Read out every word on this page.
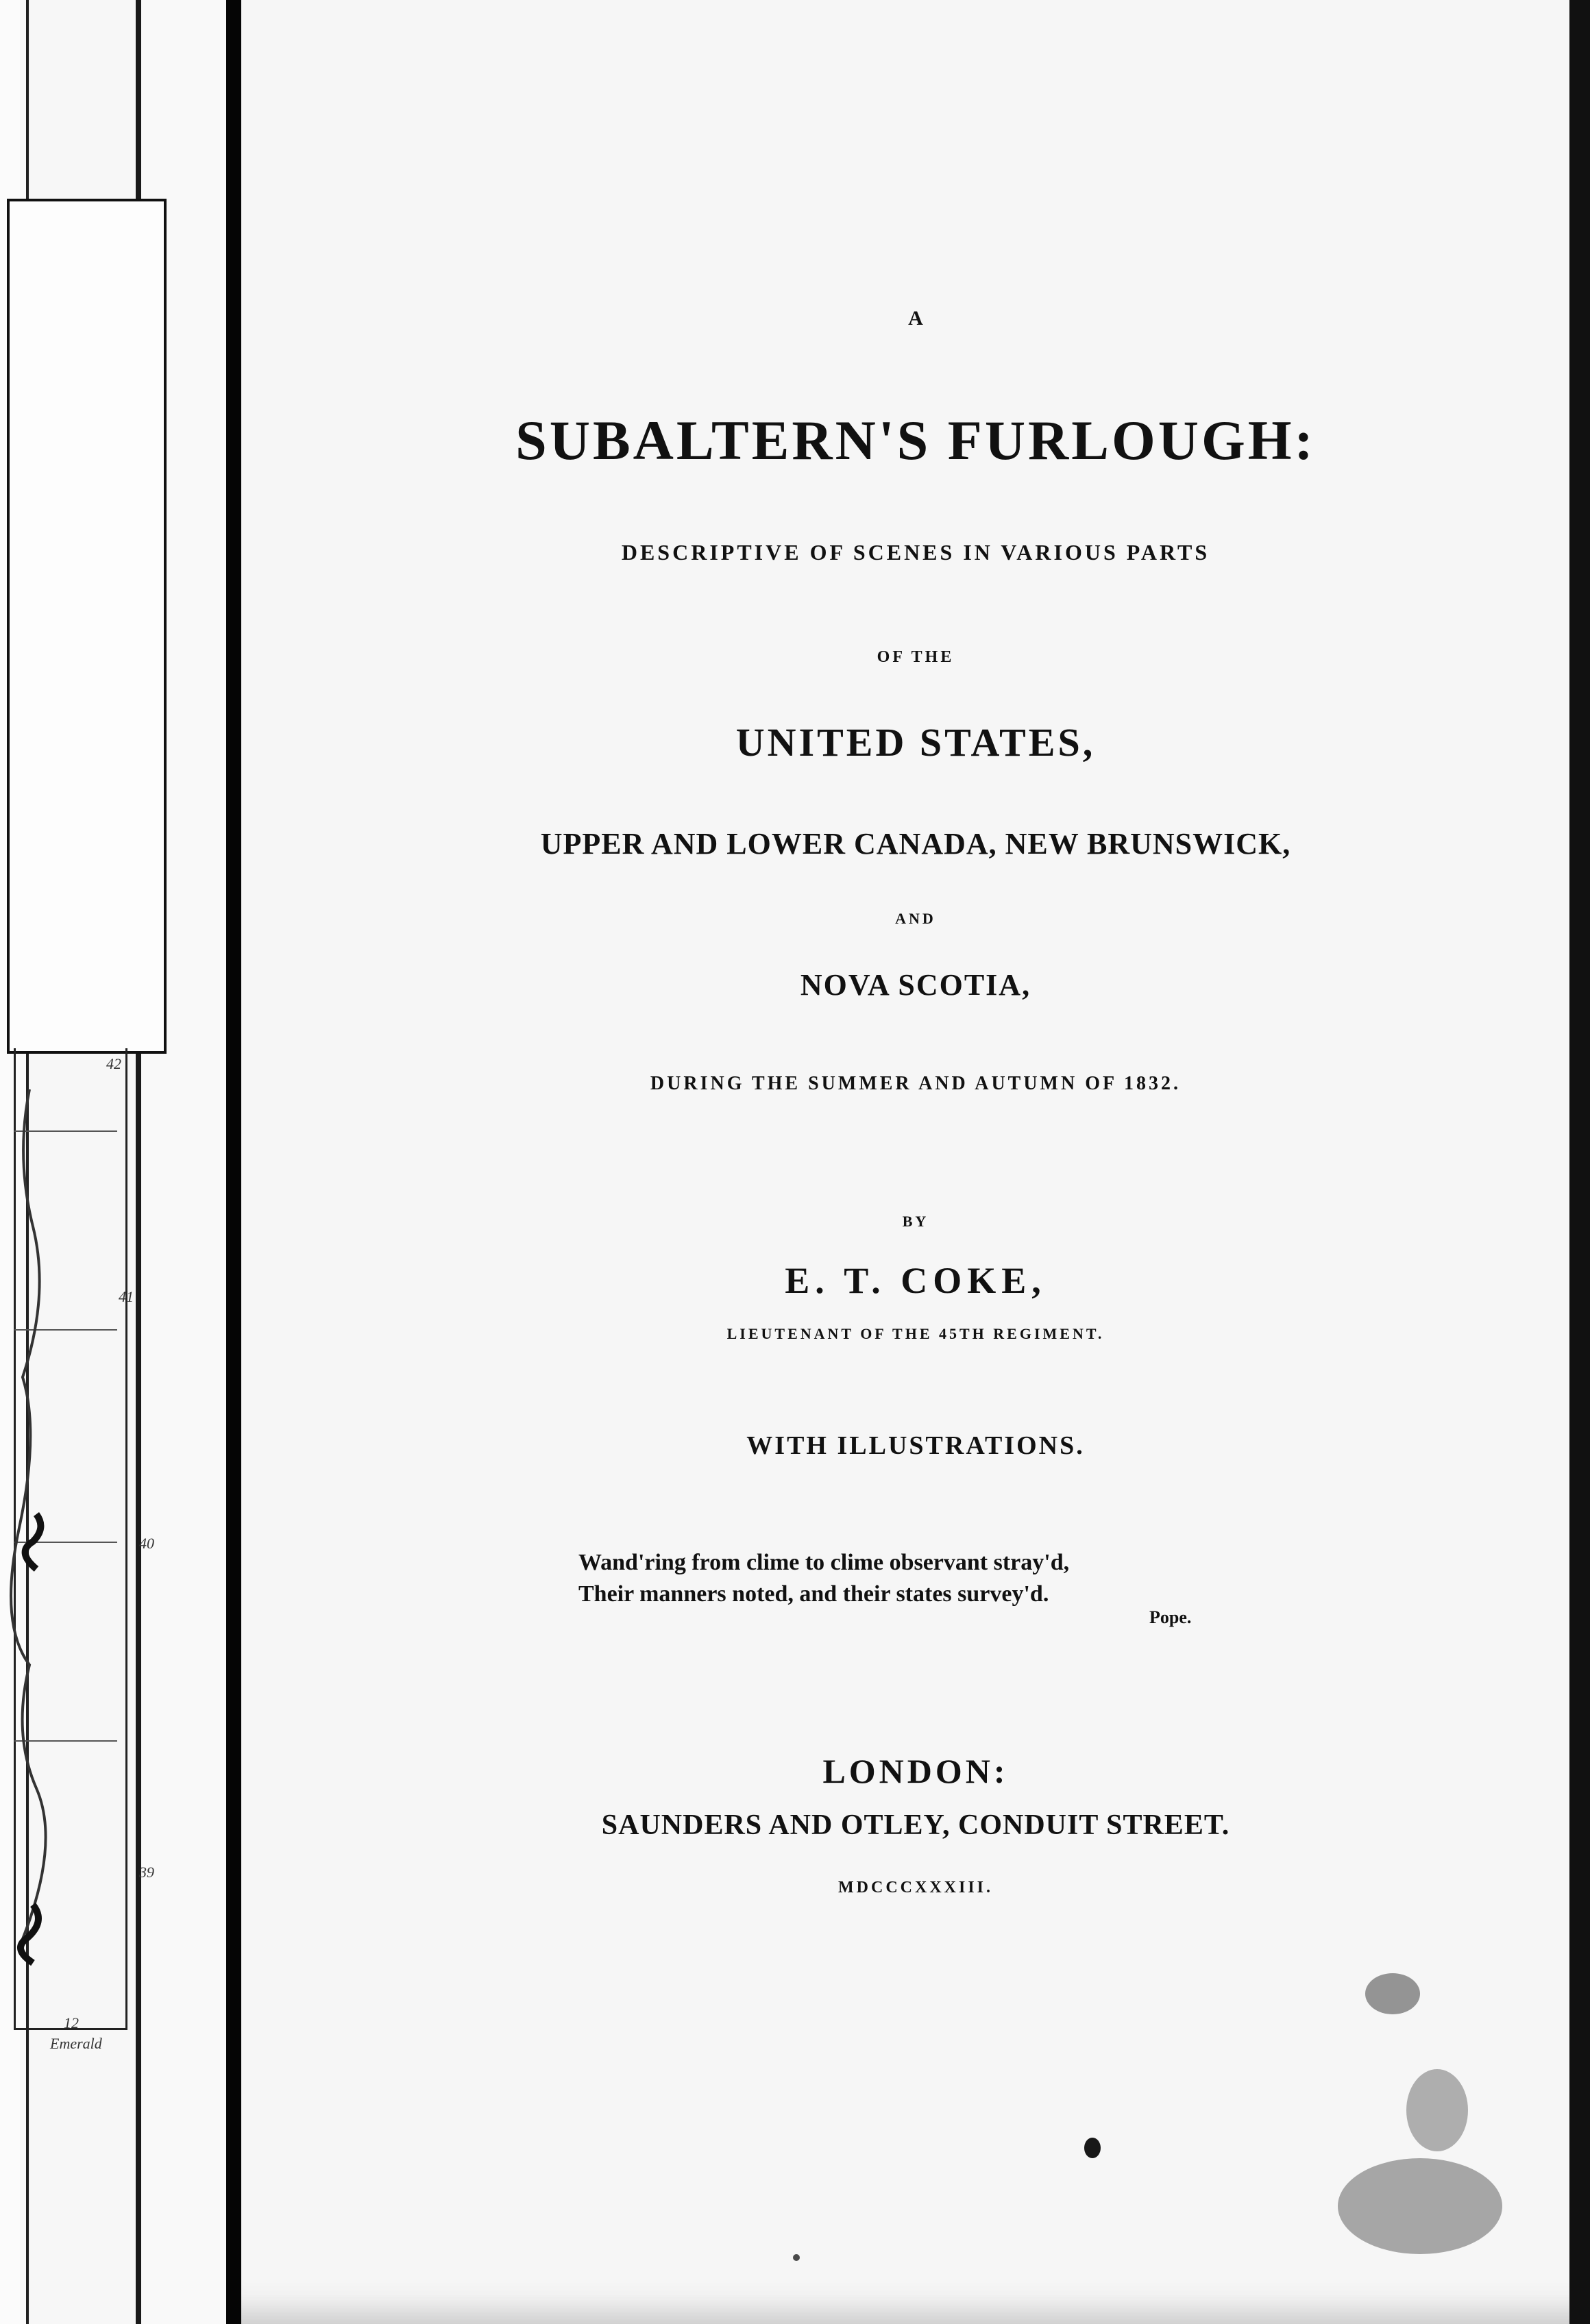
42
41
40
39
12
Emerald
A
SUBALTERN'S FURLOUGH:
DESCRIPTIVE OF SCENES IN VARIOUS PARTS
OF THE
UNITED STATES,
UPPER AND LOWER CANADA, NEW BRUNSWICK,
AND
NOVA SCOTIA,
DURING THE SUMMER AND AUTUMN OF 1832.
BY
E. T. COKE,
LIEUTENANT OF THE 45TH REGIMENT.
WITH ILLUSTRATIONS.
Wand'ring from clime to clime observant stray'd,
Their manners noted, and their states survey'd.
Pope.
LONDON:
SAUNDERS AND OTLEY, CONDUIT STREET.
MDCCCXXXIII.
